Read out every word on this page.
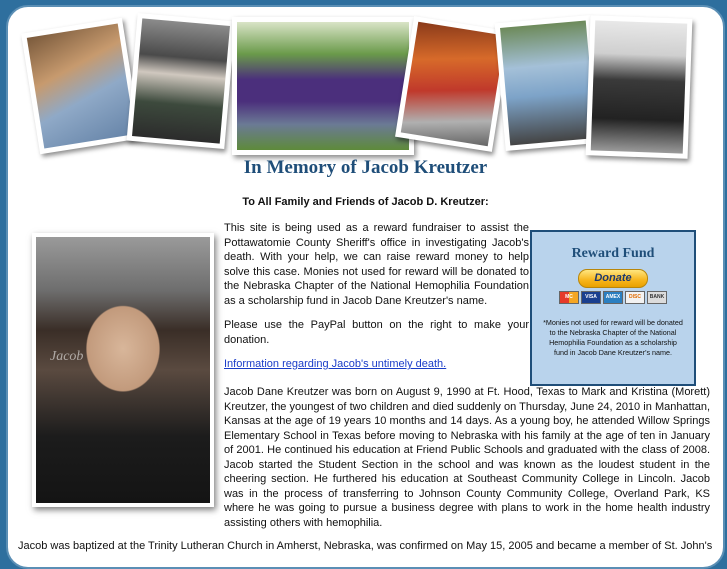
In Memory of Jacob Kreutzer

To All Family and Friends of Jacob D. Kreutzer:

Jacob

This site is being used as a reward fundraiser to assist the Pottawatomie County Sheriff's office in investigating Jacob's death. With your help, we can raise reward money to help solve this case. Monies not used for reward will be donated to the Nebraska Chapter of the National Hemophilia Foundation as a scholarship fund in Jacob Dane Kreutzer's name.

Please use the PayPal button on the right to make your donation.

Information regarding Jacob's untimely death.

Jacob Dane Kreutzer was born on August 9, 1990 at Ft. Hood, Texas to Mark and Kristina (Morett) Kreutzer, the youngest of two children and died suddenly on Thursday, June 24, 2010 in Manhattan, Kansas at the age of 19 years 10 months and 14 days. As a young boy, he attended Willow Springs Elementary School in Texas before moving to Nebraska with his family at the age of ten in January of 2001. He continued his education at Friend Public Schools and graduated with the class of 2008. Jacob started the Student Section in the school and was known as the loudest student in the cheering section. He furthered his education at Southeast Community College in Lincoln. Jacob was in the process of transferring to Johnson County Community College, Overland Park, KS where he was going to pursue a business degree with plans to work in the home health industry assisting others with hemophilia.

Jacob was baptized at the Trinity Lutheran Church in Amherst, Nebraska, was confirmed on May 15, 2005 and became a member of St. John's

Reward Fund
Donate
MC	VISA	AMEX	DISC	BANK

*Monies not used for reward will be donated to the Nebraska Chapter of the National Hemophilia Foundation as a scholarship fund in Jacob Dane Kreutzer's name.
